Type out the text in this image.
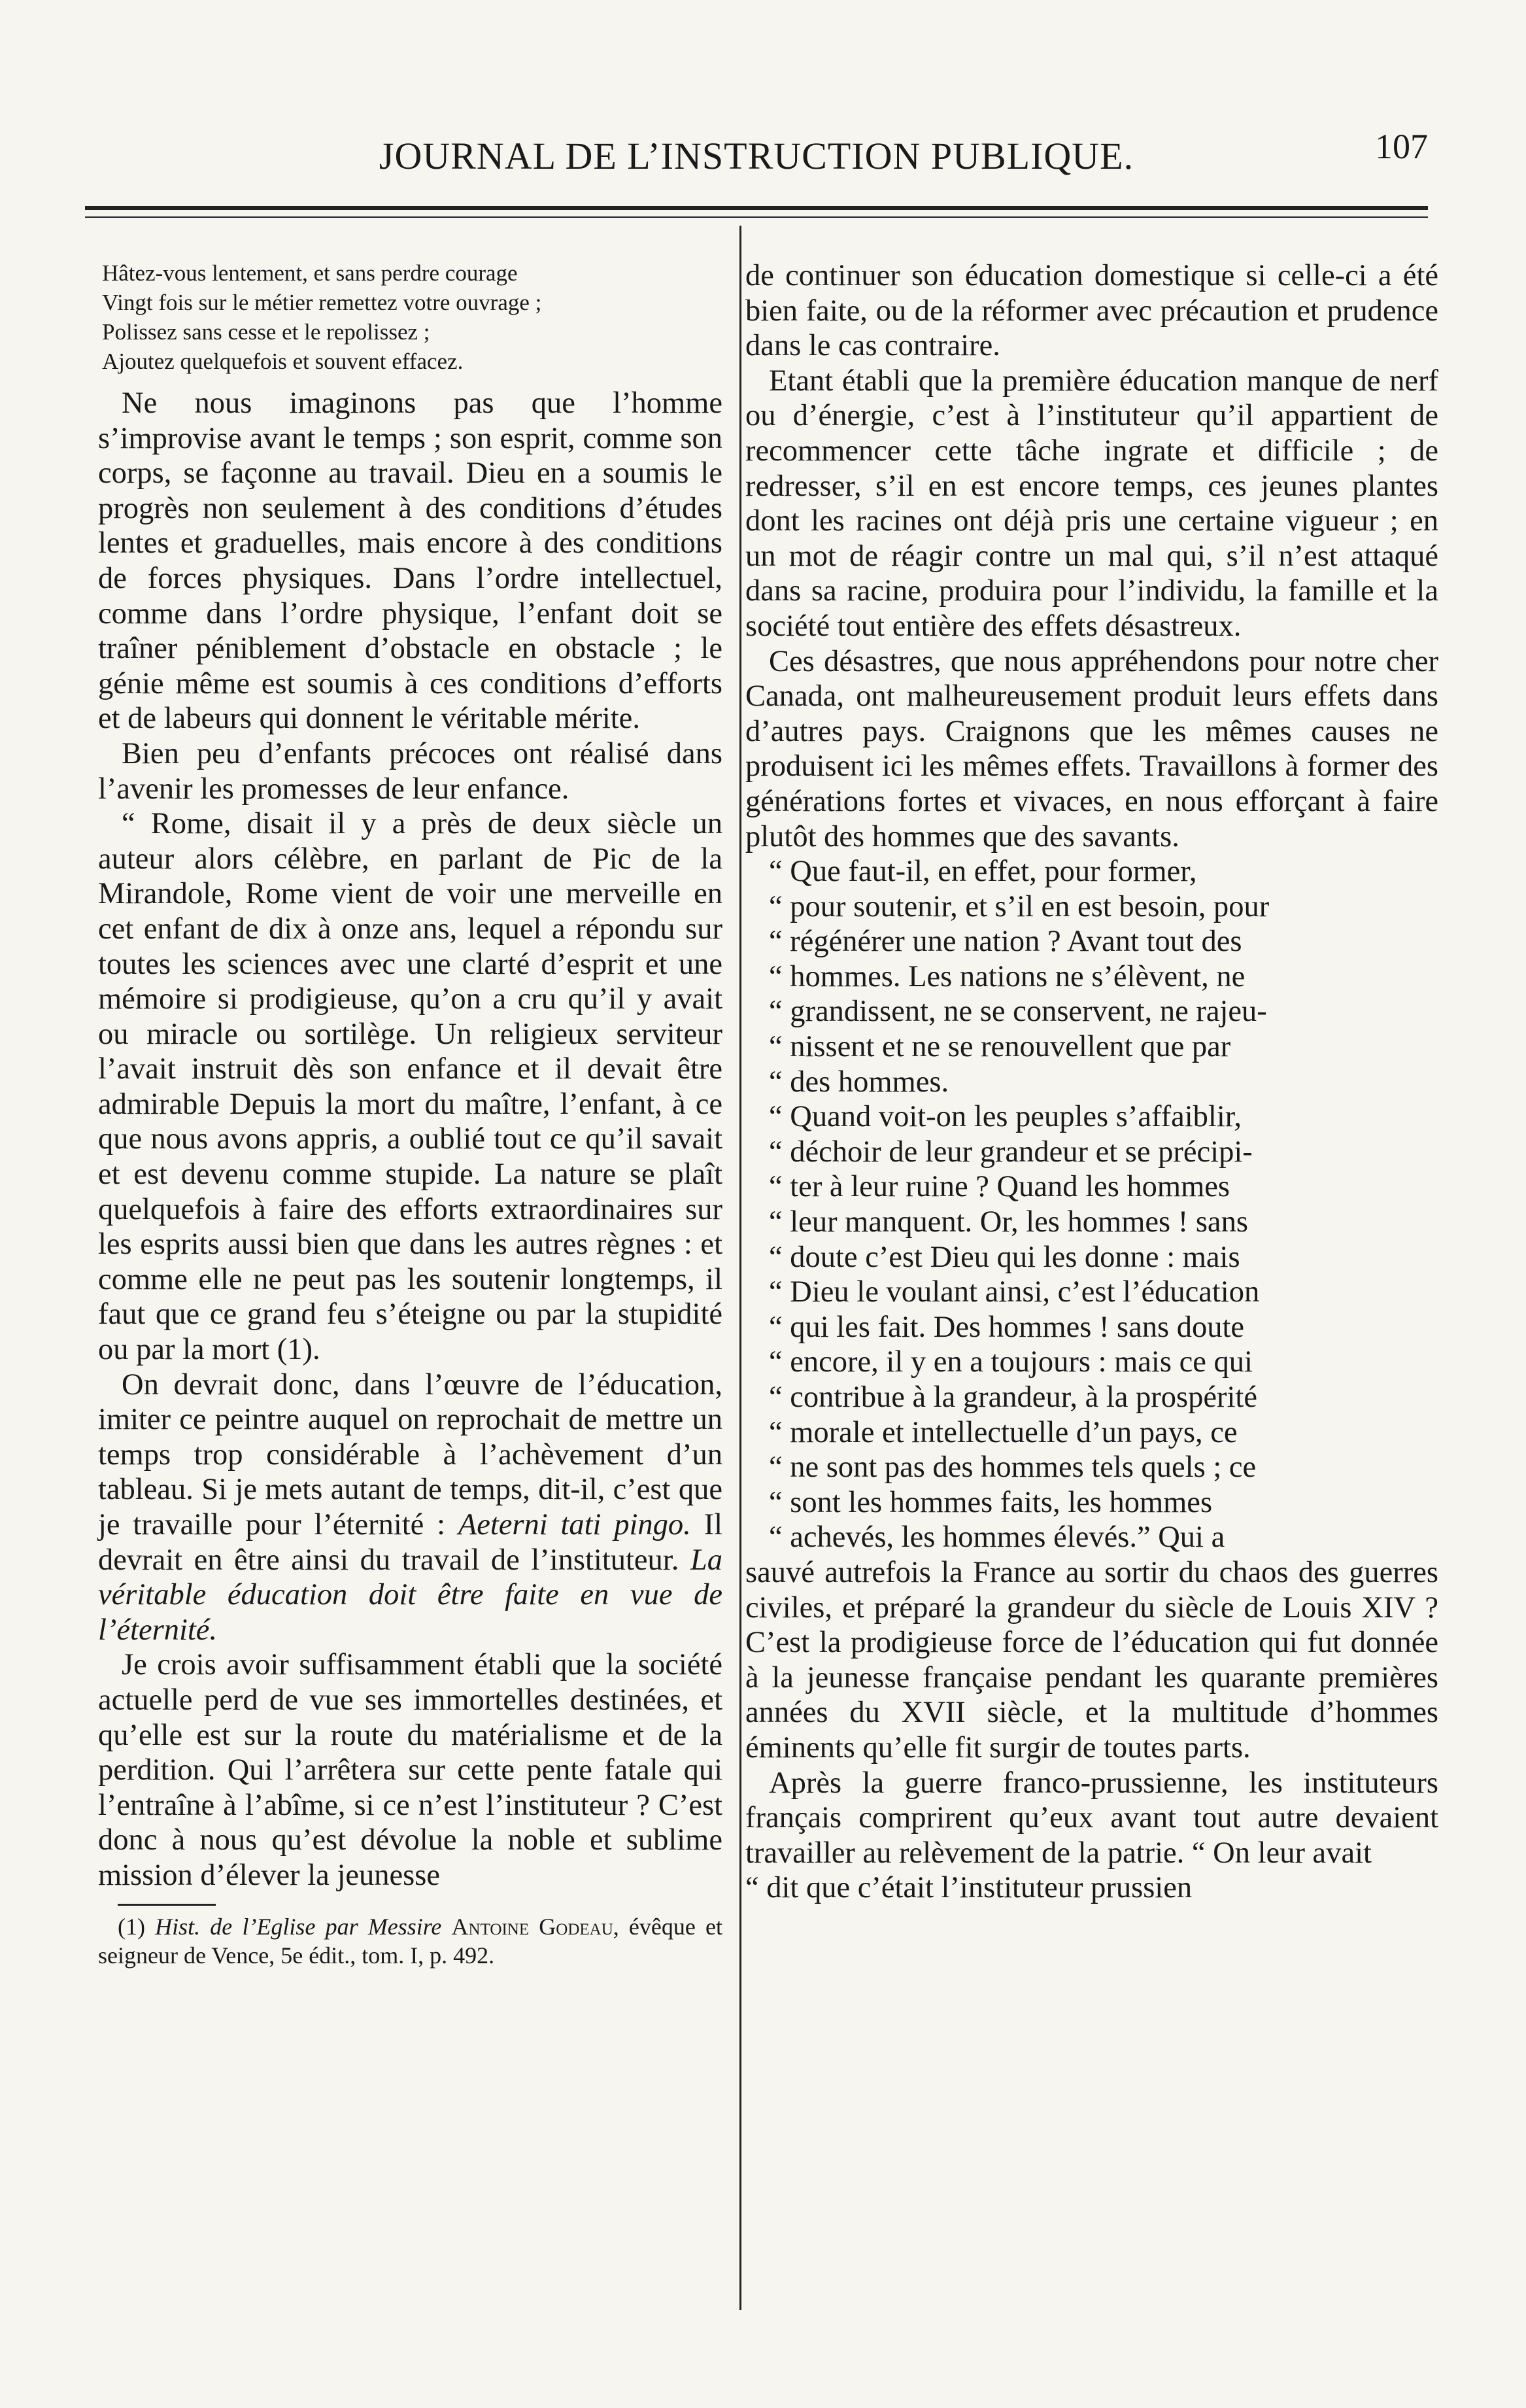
JOURNAL DE L’INSTRUCTION PUBLIQUE.	107
Hâtez-vous lentement, et sans perdre courage
Vingt fois sur le métier remettez votre ouvrage ;
Polissez sans cesse et le repolissez ;
Ajoutez quelquefois et souvent effacez.

Ne nous imaginons pas que l’homme s’improvise avant le temps ; son esprit, comme son corps, se façonne au travail. Dieu en a soumis le progrès non seulement à des conditions d’études lentes et graduelles, mais encore à des conditions de forces physiques. Dans l’ordre intellectuel, comme dans l’ordre physique, l’enfant doit se traîner péniblement d’obstacle en obstacle ; le génie même est soumis à ces conditions d’efforts et de labeurs qui donnent le véritable mérite.

Bien peu d’enfants précoces ont réalisé dans l’avenir les promesses de leur enfance.

“ Rome, disait il y a près de deux siècle un auteur alors célèbre, en parlant de Pic de la Mirandole, Rome vient de voir une merveille en cet enfant de dix à onze ans, lequel a répondu sur toutes les sciences avec une clarté d’esprit et une mémoire si prodigieuse, qu’on a cru qu’il y avait ou miracle ou sortilège. Un religieux serviteur l’avait instruit dès son enfance et il devait être admirable Depuis la mort du maître, l’enfant, à ce que nous avons appris, a oublié tout ce qu’il savait et est devenu comme stupide. La nature se plaît quelquefois à faire des efforts extraordinaires sur les esprits aussi bien que dans les autres règnes : et comme elle ne peut pas les soutenir longtemps, il faut que ce grand feu s’éteigne ou par la stupidité ou par la mort (1).

On devrait donc, dans l’œuvre de l’éducation, imiter ce peintre auquel on reprochait de mettre un temps trop considérable à l’achèvement d’un tableau. Si je mets autant de temps, dit-il, c’est que je travaille pour l’éternité : Aeterni tati pingo. Il devrait en être ainsi du travail de l’instituteur. La véritable éducation doit être faite en vue de l’éternité.

Je crois avoir suffisamment établi que la société actuelle perd de vue ses immortelles destinées, et qu’elle est sur la route du matérialisme et de la perdition. Qui l’arrêtera sur cette pente fatale qui l’entraîne à l’abîme, si ce n’est l’instituteur ? C’est donc à nous qu’est dévolue la noble et sublime mission d’élever la jeunesse

(1) Hist. de l’Eglise par Messire Antoine Godeau, évêque et seigneur de Vence, 5e édit., tom. I, p. 492.

de continuer son éducation domestique si celle-ci a été bien faite, ou de la réformer avec précaution et prudence dans le cas contraire.

Etant établi que la première éducation manque de nerf ou d’énergie, c’est à l’instituteur qu’il appartient de recommencer cette tâche ingrate et difficile ; de redresser, s’il en est encore temps, ces jeunes plantes dont les racines ont déjà pris une certaine vigueur ; en un mot de réagir contre un mal qui, s’il n’est attaqué dans sa racine, produira pour l’individu, la famille et la société tout entière des effets désastreux.

Ces désastres, que nous appréhendons pour notre cher Canada, ont malheureusement produit leurs effets dans d’autres pays. Craignons que les mêmes causes ne produisent ici les mêmes effets. Travaillons à former des générations fortes et vivaces, en nous efforçant à faire plutôt des hommes que des savants.

“ Que faut-il, en effet, pour former,
“ pour soutenir, et s’il en est besoin, pour
“ régénérer une nation ? Avant tout des
“ hommes. Les nations ne s’élèvent, ne
“ grandissent, ne se conservent, ne rajeu-
“ nissent et ne se renouvellent que par
“ des hommes.

“ Quand voit-on les peuples s’affaiblir,
“ déchoir de leur grandeur et se précipi-
“ ter à leur ruine ? Quand les hommes
“ leur manquent. Or, les hommes ! sans
“ doute c’est Dieu qui les donne : mais
“ Dieu le voulant ainsi, c’est l’éducation
“ qui les fait. Des hommes ! sans doute
“ encore, il y en a toujours : mais ce qui
“ contribue à la grandeur, à la prospérité
“ morale et intellectuelle d’un pays, ce
“ ne sont pas des hommes tels quels ; ce
“ sont les hommes faits, les hommes
“ achevés, les hommes élevés.” Qui a

sauvé autrefois la France au sortir du chaos des guerres civiles, et préparé la grandeur du siècle de Louis XIV ? C’est la prodigieuse force de l’éducation qui fut donnée à la jeunesse française pendant les quarante premières années du XVII siècle, et la multitude d’hommes éminents qu’elle fit surgir de toutes parts.

Après la guerre franco-prussienne, les instituteurs français comprirent qu’eux avant tout autre devaient travailler au relèvement de la patrie. “ On leur avait

“ dit que c’était l’instituteur prussien
